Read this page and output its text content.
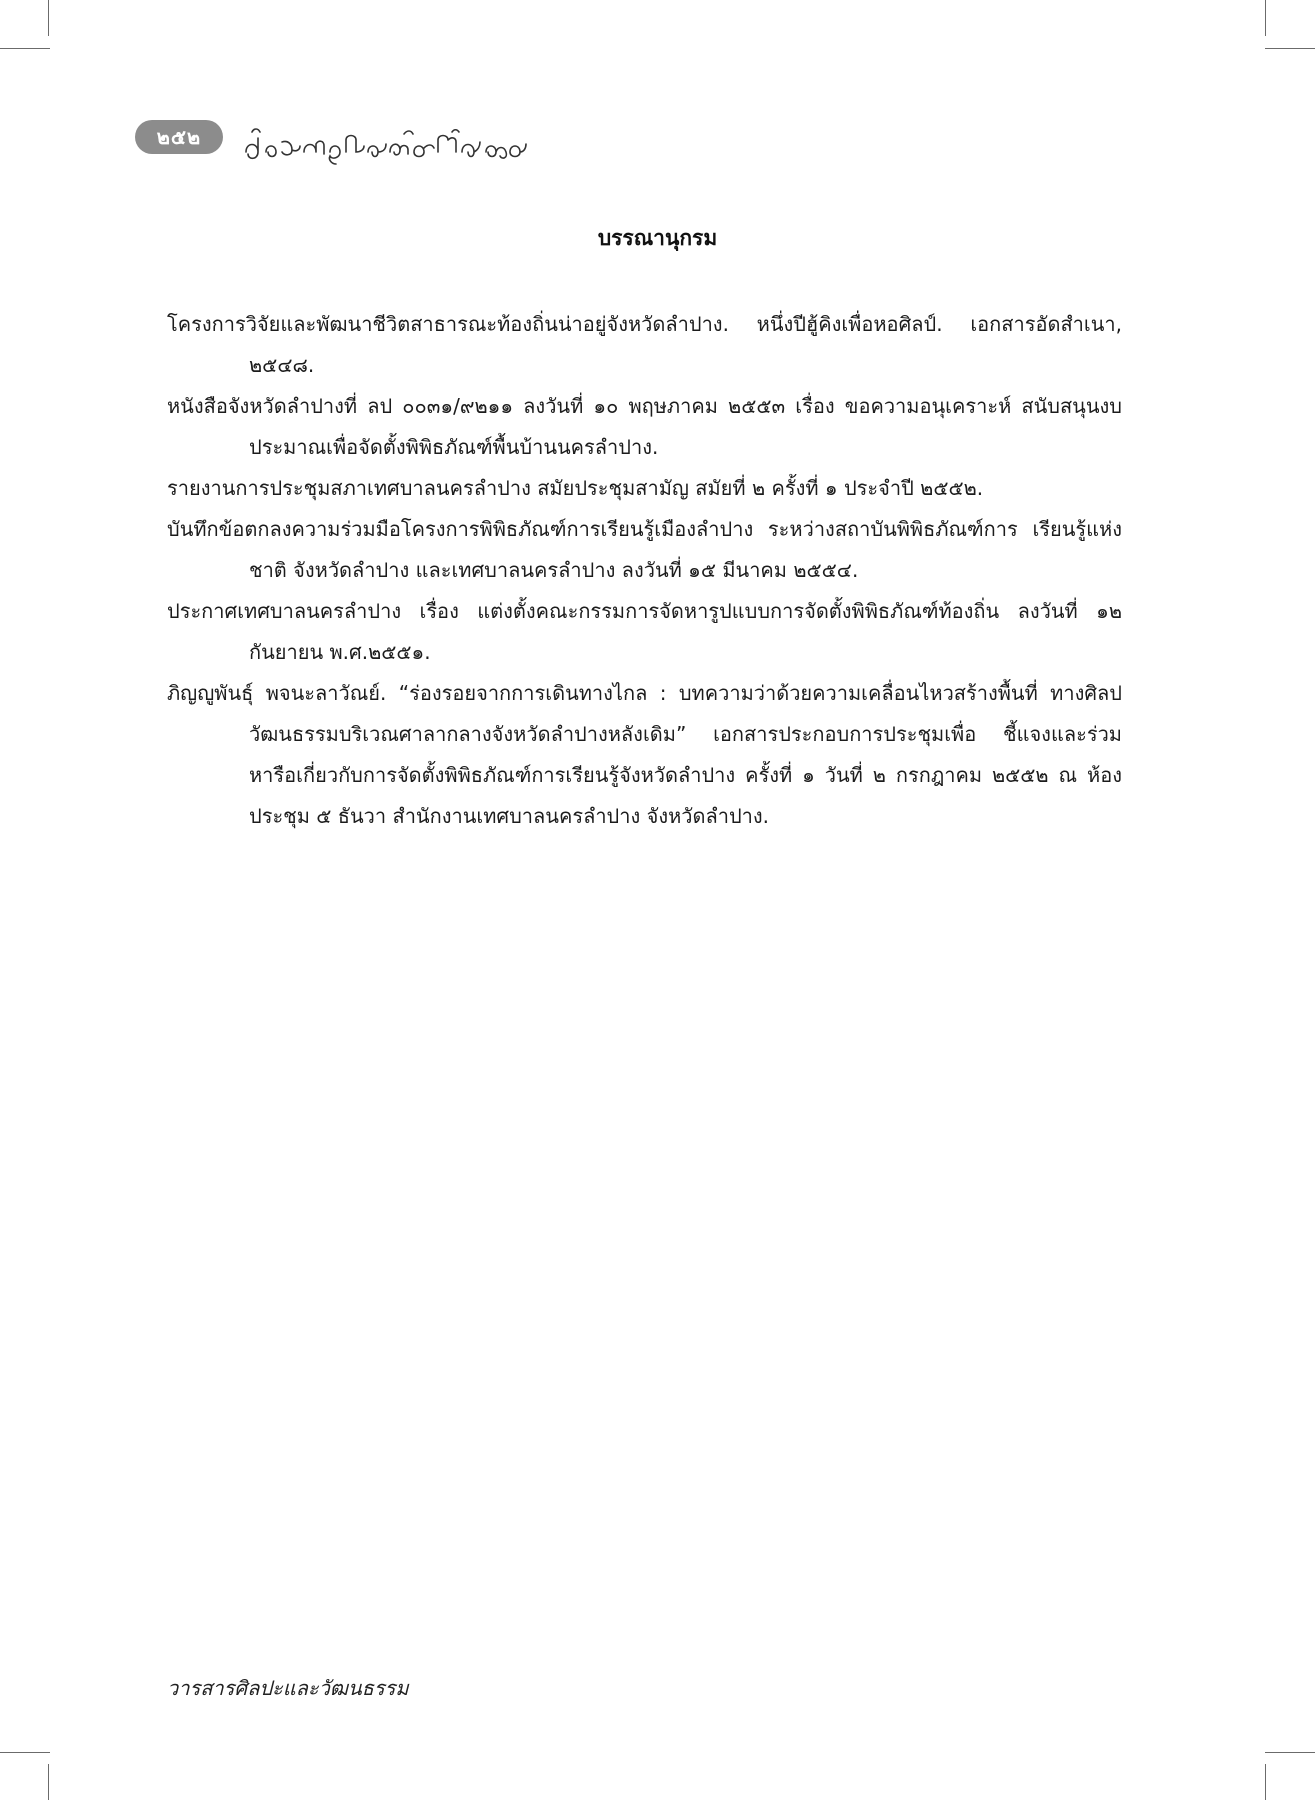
๒๕๒
บรรณานุกรม
โครงการวิจัยและพัฒนาชีวิตสาธารณะท้องถิ่นน่าอยู่จังหวัดลำปาง. หนึ่งปีฮู้คิงเพื่อหอศิลป์. เอกสารอัดสำเนา, ๒๕๔๘.
หนังสือจังหวัดลำปางที่ ลป ๐๐๓๑/๙๒๑๑ ลงวันที่ ๑๐ พฤษภาคม ๒๕๕๓ เรื่อง ขอความอนุเคราะห์ สนับสนุนงบประมาณเพื่อจัดตั้งพิพิธภัณฑ์พื้นบ้านนครลำปาง.
รายงานการประชุมสภาเทศบาลนครลำปาง สมัยประชุมสามัญ สมัยที่ ๒ ครั้งที่ ๑ ประจำปี ๒๕๕๒.
บันทึกข้อตกลงความร่วมมือโครงการพิพิธภัณฑ์การเรียนรู้เมืองลำปาง ระหว่างสถาบันพิพิธภัณฑ์การ เรียนรู้แห่งชาติ จังหวัดลำปาง และเทศบาลนครลำปาง ลงวันที่ ๑๕ มีนาคม ๒๕๕๔.
ประกาศเทศบาลนครลำปาง เรื่อง แต่งตั้งคณะกรรมการจัดหารูปแบบการจัดตั้งพิพิธภัณฑ์ท้องถิ่น ลงวันที่ ๑๒ กันยายน พ.ศ.๒๕๕๑.
ภิญญูพันธุ์ พจนะลาวัณย์. “ร่องรอยจากการเดินทางไกล : บทความว่าด้วยความเคลื่อนไหวสร้างพื้นที่ ทางศิลปวัฒนธรรมบริเวณศาลากลางจังหวัดลำปางหลังเดิม” เอกสารประกอบการประชุมเพื่อ ชี้แจงและร่วมหารือเกี่ยวกับการจัดตั้งพิพิธภัณฑ์การเรียนรู้จังหวัดลำปาง ครั้งที่ ๑ วันที่ ๒ กรกฎาคม ๒๕๕๒ ณ ห้องประชุม ๕ ธันวา สำนักงานเทศบาลนครลำปาง จังหวัดลำปาง.
วารสารศิลปะและวัฒนธรรม
